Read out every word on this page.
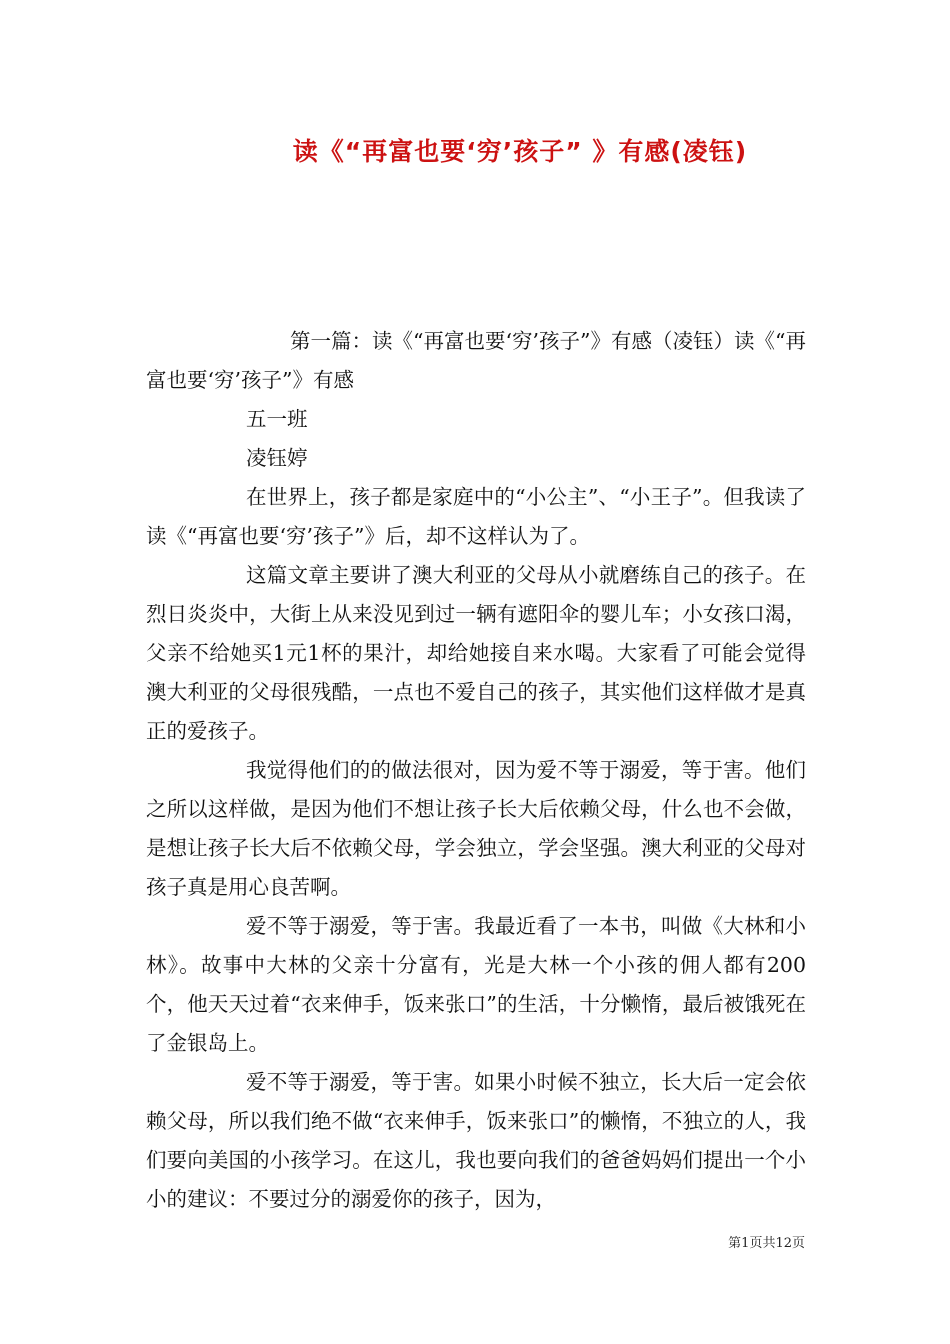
读《“再富也要‘穷’孩子” 》有感(凌钰)

第一篇：读《“再富也要‘穷’孩子”》有感（凌钰）读《“再富也要‘穷’孩子”》有感

五一班

凌钰婷

在世界上，孩子都是家庭中的“小公主”、“小王子”。但我读了读《“再富也要‘穷’孩子”》后，却不这样认为了。

这篇文章主要讲了澳大利亚的父母从小就磨练自己的孩子。在烈日炎炎中，大街上从来没见到过一辆有遮阳伞的婴儿车；小女孩口渴，父亲不给她买1元1杯的果汁，却给她接自来水喝。大家看了可能会觉得澳大利亚的父母很残酷，一点也不爱自己的孩子，其实他们这样做才是真正的爱孩子。

我觉得他们的的做法很对，因为爱不等于溺爱，等于害。他们之所以这样做，是因为他们不想让孩子长大后依赖父母，什么也不会做，是想让孩子长大后不依赖父母，学会独立，学会坚强。澳大利亚的父母对孩子真是用心良苦啊。

爱不等于溺爱，等于害。我最近看了一本书，叫做《大林和小林》。故事中大林的父亲十分富有，光是大林一个小孩的佣人都有200个，他天天过着“衣来伸手，饭来张口”的生活，十分懒惰，最后被饿死在了金银岛上。

爱不等于溺爱，等于害。如果小时候不独立，长大后一定会依赖父母，所以我们绝不做“衣来伸手，饭来张口”的懒惰，不独立的人，我们要向美国的小孩学习。在这儿，我也要向我们的爸爸妈妈们提出一个小小的建议：不要过分的溺爱你的孩子，因为，

第1页共12页
